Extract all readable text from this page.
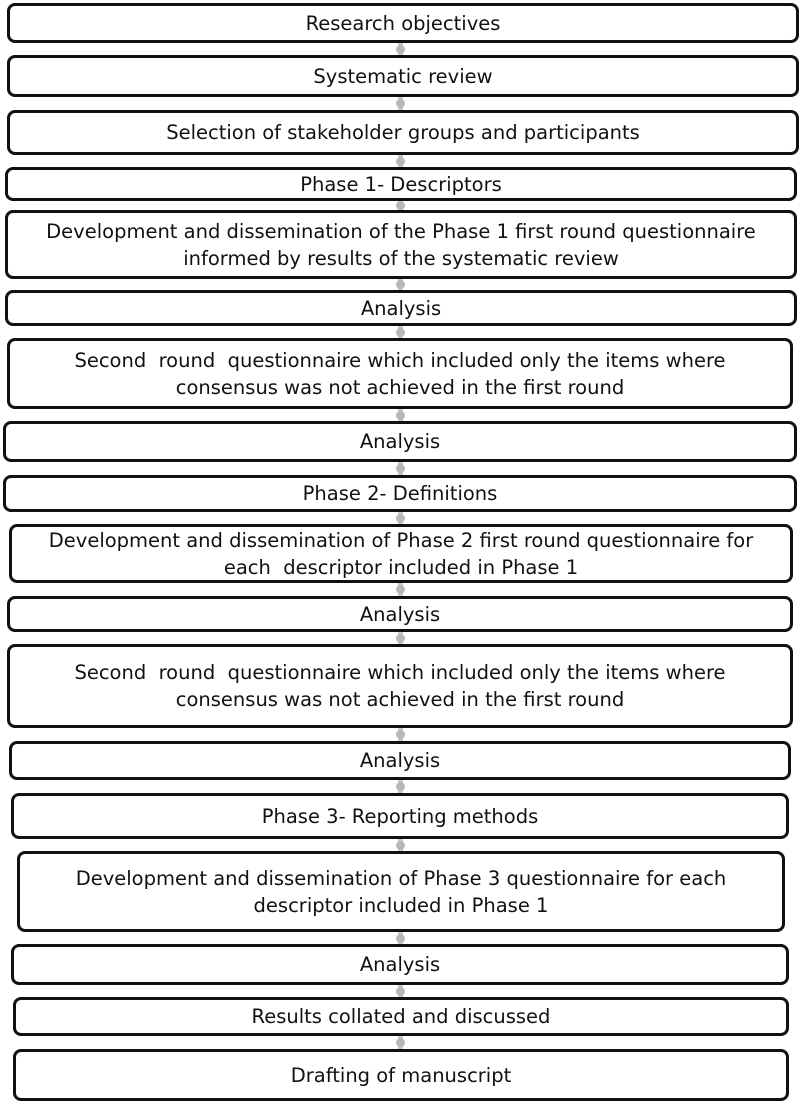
Research objectives
Systematic review
Selection of stakeholder groups and participants
Phase 1- Descriptors
Development and dissemination of the Phase 1 first round questionnaire
informed by results of the systematic review
Analysis
Second  round  questionnaire which included only the items where
consensus was not achieved in the first round
Analysis
Phase 2- Definitions
Development and dissemination of Phase 2 first round questionnaire for
each  descriptor included in Phase 1
Analysis
Second  round  questionnaire which included only the items where
consensus was not achieved in the first round
Analysis
Phase 3- Reporting methods
Development and dissemination of Phase 3 questionnaire for each
descriptor included in Phase 1
Analysis
Results collated and discussed
Drafting of manuscript
